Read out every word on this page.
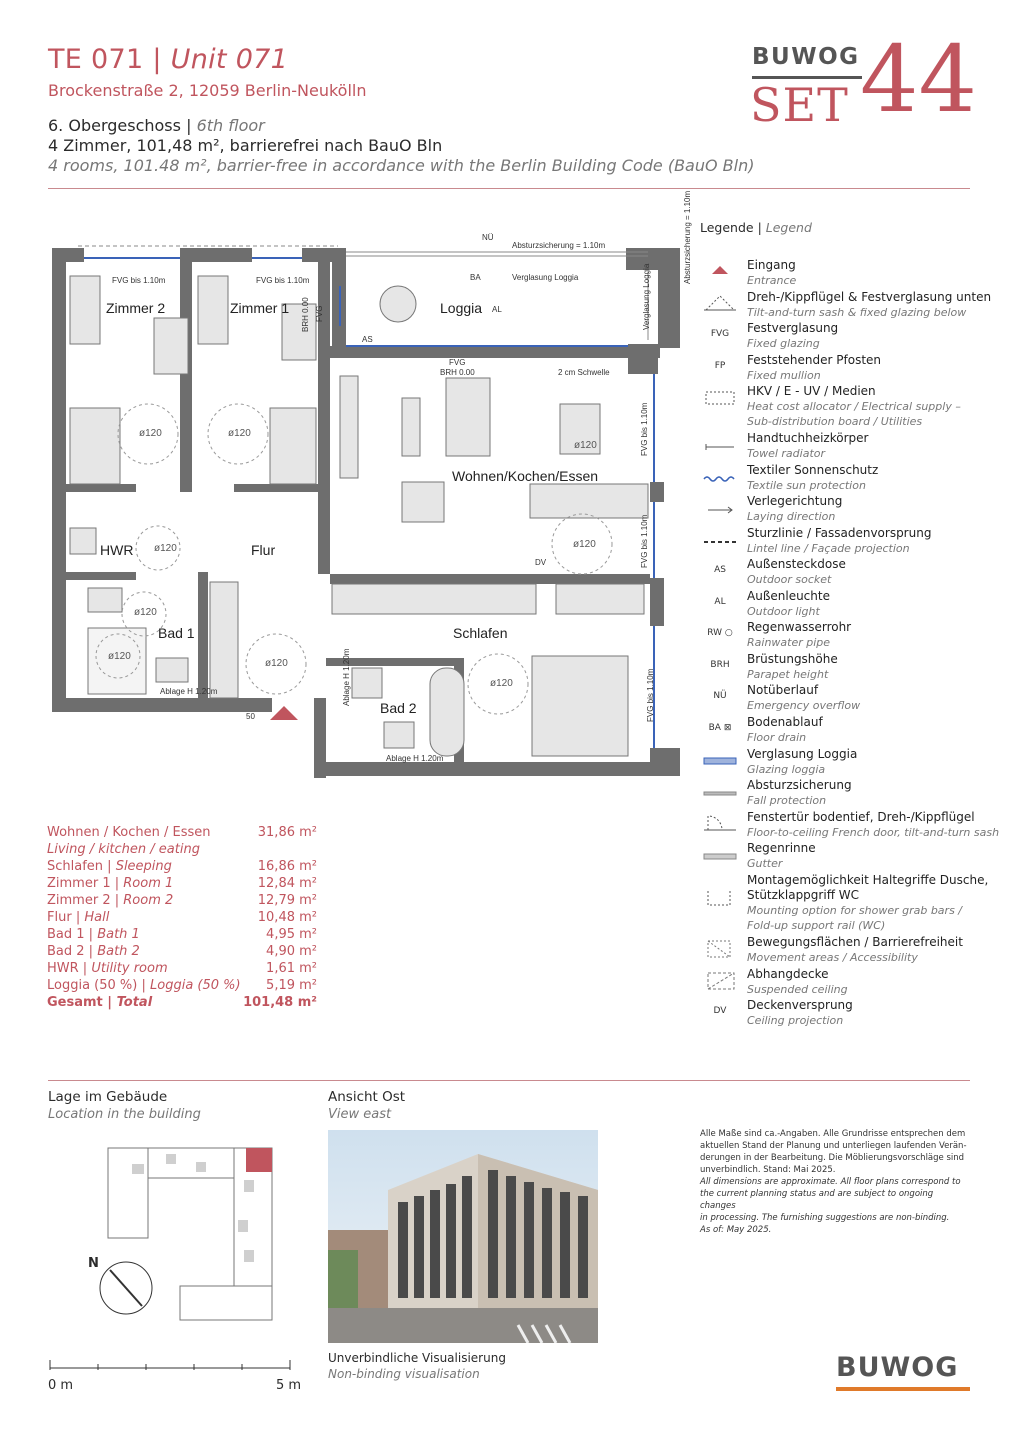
TE 071 | Unit 071
Brockenstraße 2, 12059 Berlin-Neukölln
6. Obergeschoss | 6th floor
4 Zimmer, 101,48 m², barrierefrei nach BauO Bln
4 rooms, 101.48 m², barrier-free in accordance with the Berlin Building Code (BauO Bln)
BUWOG
SET 44
Zimmer 2	Zimmer 1	Loggia
Wohnen/Kochen/Essen
HWR	Flur
Bad 1	Schlafen
Bad 2
FVG bis 1.10m	FVG bis 1.10m
BRH 0.00 FVG
FVG
BRH 0.00	2 cm Schwelle
NÜ
Absturzsicherung = 1.10m	Absturzsicherung = 1.10m
Verglasung Loggia	Verglasung Loggia
BA
AL
AS
DV
FVG bis 1.10m
FVG bis 1.10m
FVG bis 1.10m
Ablage H 1.20m	Ablage H 1.20m
Ablage H 1.20m
50
ø120	ø120
ø120
ø120
ø120
ø120
ø120
ø120
ø120
Legende | Legend
Eingang
Entrance
Dreh-/Kippflügel & Festverglasung unten
Tilt-and-turn sash & fixed glazing below
FVG	Festverglasung
Fixed glazing
FP	Feststehender Pfosten
Fixed mullion
HKV / E - UV / Medien
Heat cost allocator / Electrical supply –
Sub-distribution board / Utilities
Handtuchheizkörper
Towel radiator
Textiler Sonnenschutz
Textile sun protection
Verlegerichtung
Laying direction
Sturzlinie / Fassadenvorsprung
Lintel line / Façade projection
AS	Außensteckdose
Outdoor socket
AL	Außenleuchte
Outdoor light
RW ○	Regenwasserrohr
Rainwater pipe
BRH	Brüstungshöhe
Parapet height
NÜ	Notüberlauf
Emergency overflow
BA ⊠	Bodenablauf
Floor drain
Verglasung Loggia
Glazing loggia
Absturzsicherung
Fall protection
Fenstertür bodentief, Dreh-/Kippflügel
Floor-to-ceiling French door, tilt-and-turn sash
Regenrinne
Gutter
Montagemöglichkeit Haltegriffe Dusche,
Stützklappgriff WC
Mounting option for shower grab bars /
Fold-up support rail (WC)
Bewegungsflächen / Barrierefreiheit
Movement areas / Accessibility
Abhangdecke
Suspended ceiling
DV	Deckenversprung
Ceiling projection
Wohnen / Kochen / Essen	31,86 m²
Living / kitchen / eating
Schlafen | Sleeping	16,86 m²
Zimmer 1 | Room 1	12,84 m²
Zimmer 2 | Room 2	12,79 m²
Flur | Hall	10,48 m²
Bad 1 | Bath 1	4,95 m²
Bad 2 | Bath 2	4,90 m²
HWR | Utility room	1,61 m²
Loggia (50 %) | Loggia (50 %) 5,19 m²
Gesamt | Total	101,48 m²
Lage im Gebäude
Location in the building
N
0 m	5 m
Ansicht Ost
View east
Unverbindliche Visualisierung
Non-binding visualisation

Alle Maße sind ca.-Angaben. Alle Grundrisse entsprechen dem

aktuellen Stand der Planung und unterliegen laufenden Verän-

derungen in der Bearbeitung. Die Möblierungsvorschläge sind

unverbindlich. Stand: Mai 2025.

All dimensions are approximate. All floor plans correspond to

the current planning status and are subject to ongoing changes

in processing. The furnishing suggestions are non-binding.

As of: May 2025.

BUWOG
